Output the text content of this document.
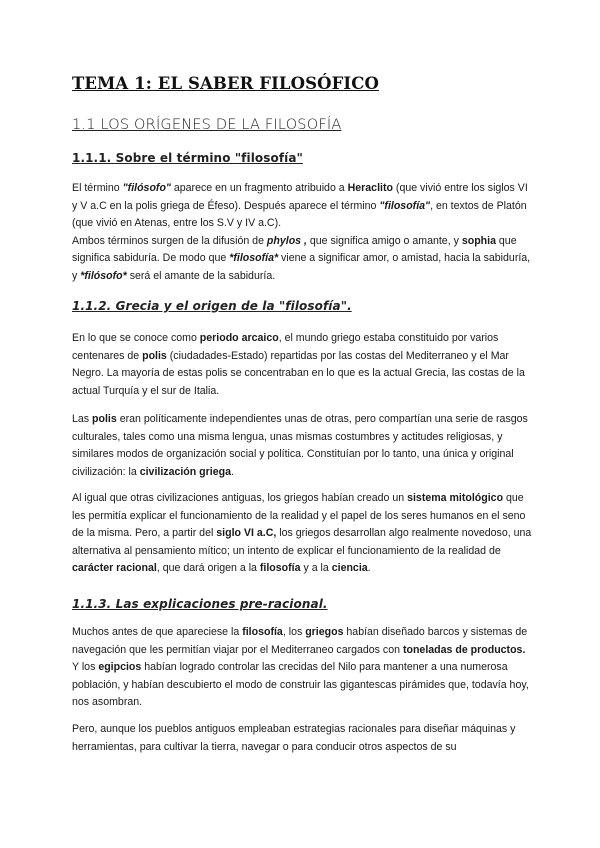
TEMA 1: EL SABER FILOSÓFICO
1.1 LOS ORÍGENES DE LA FILOSOFÍA
1.1.1. Sobre el término "filosofía"

El término "filósofo" aparece en un fragmento atribuido a Heraclito (que vivió entre los siglos VI y V a.C en la polis griega de Éfeso). Después aparece el término "filosofía", en textos de Platón (que vivió en Atenas, entre los S.V y IV a.C).
Ambos términos surgen de la difusión de phylos , que significa amigo o amante, y sophia que significa sabiduría. De modo que *filosofía* viene a significar amor, o amistad, hacia la sabiduría, y *filósofo* será el amante de la sabiduría.

1.1.2. Grecia y el origen de la "filosofía".

En lo que se conoce como periodo arcaico, el mundo griego estaba constituido por varios centenares de polis (ciudadades-Estado) repartidas por las costas del Mediterraneo y el Mar Negro. La mayoría de estas polis se concentraban en lo que es la actual Grecia, las costas de la actual Turquía y el sur de Italia.

Las polis eran políticamente independientes unas de otras, pero compartían una serie de rasgos culturales, tales como una misma lengua, unas mismas costumbres y actitudes religiosas, y similares modos de organización social y política. Constituían por lo tanto, una única y original civilización: la civilización griega.

Al igual que otras civilizaciones antiguas, los griegos habían creado un sistema mitológico que les permitía explicar el funcionamiento de la realidad y el papel de los seres humanos en el seno de la misma. Pero, a partir del siglo VI a.C, los griegos desarrollan algo realmente novedoso, una alternativa al pensamiento mítico; un intento de explicar el funcionamiento de la realidad de carácter racional, que dará origen a la filosofía y a la ciencia.

1.1.3. Las explicaciones pre-racional.

Muchos antes de que apareciese la filosofía, los griegos habían diseñado barcos y sistemas de navegación que les permitían viajar por el Mediterraneo cargados con toneladas de productos. Y los egipcios habían logrado controlar las crecidas del Nilo para mantener a una numerosa población, y habían descubierto el modo de construir las gigantescas pirámides que, todavía hoy, nos asombran.

Pero, aunque los pueblos antiguos empleaban estrategias racionales para diseñar máquinas y herramientas, para cultivar la tierra, navegar o para conducir otros aspectos de su
